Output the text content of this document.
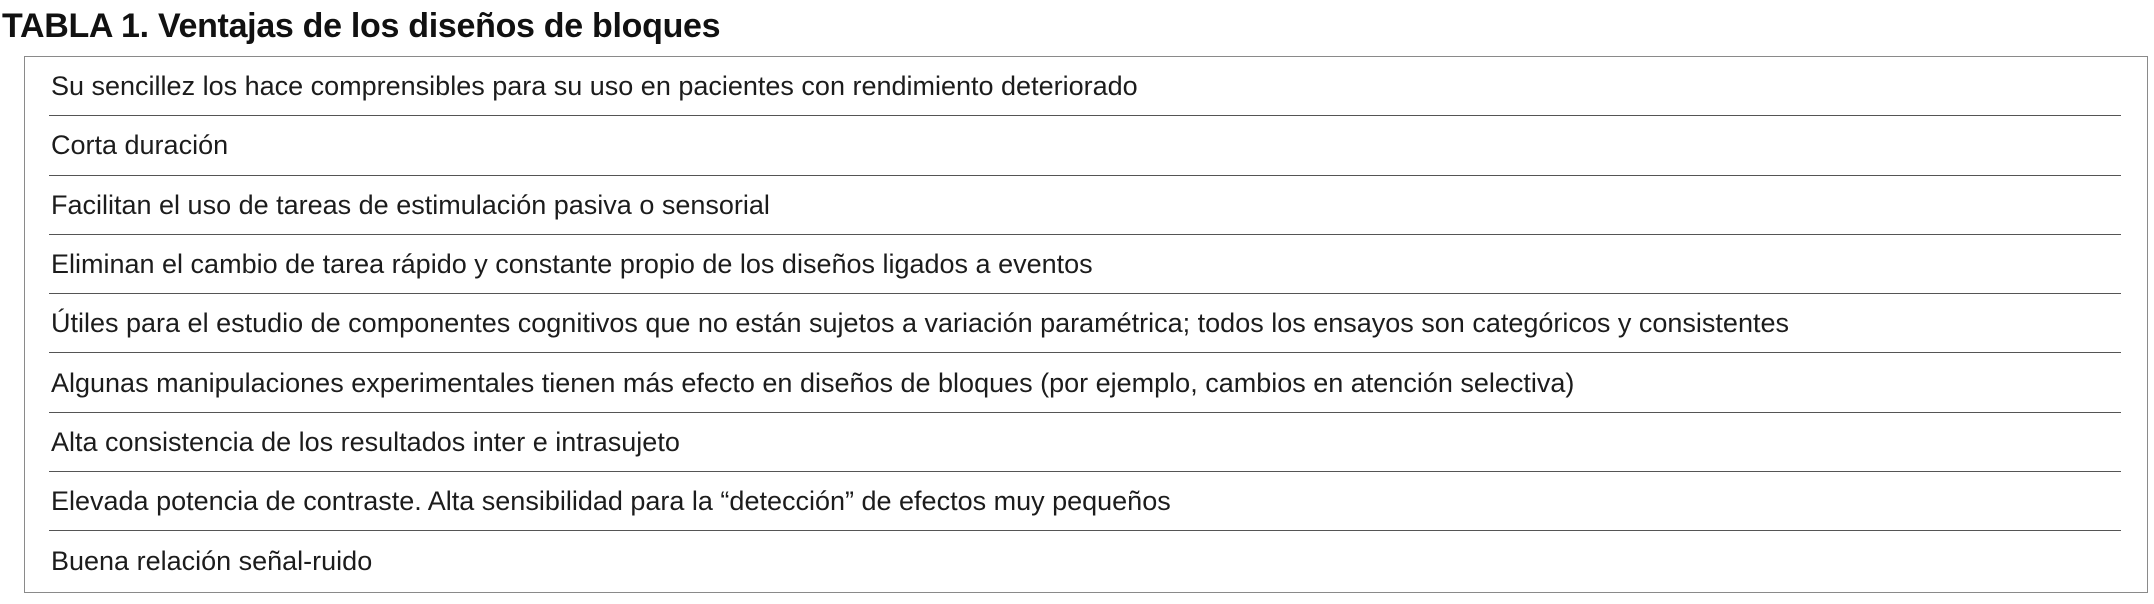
TABLA 1. Ventajas de los diseños de bloques
Su sencillez los hace comprensibles para su uso en pacientes con rendimiento deteriorado
Corta duración
Facilitan el uso de tareas de estimulación pasiva o sensorial
Eliminan el cambio de tarea rápido y constante propio de los diseños ligados a eventos
Útiles para el estudio de componentes cognitivos que no están sujetos a variación paramétrica; todos los ensayos son categóricos y consistentes
Algunas manipulaciones experimentales tienen más efecto en diseños de bloques (por ejemplo, cambios en atención selectiva)
Alta consistencia de los resultados inter e intrasujeto
Elevada potencia de contraste. Alta sensibilidad para la “detección” de efectos muy pequeños
Buena relación señal-ruido
